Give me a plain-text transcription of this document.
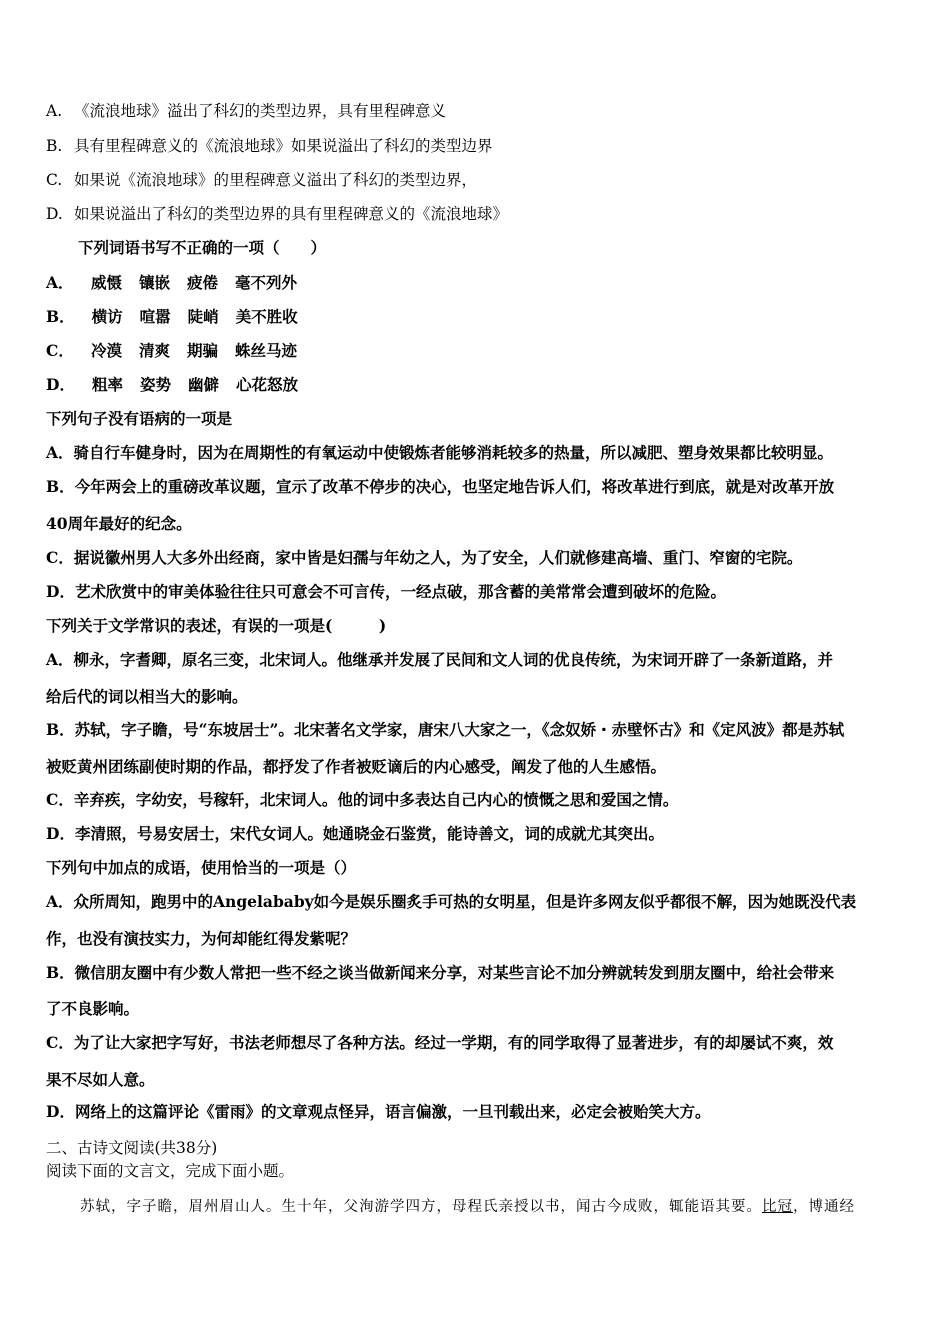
A. 《流浪地球》溢出了科幻的类型边界，具有里程碑意义
B. 具有里程碑意义的《流浪地球》如果说溢出了科幻的类型边界
C. 如果说《流浪地球》的里程碑意义溢出了科幻的类型边界，
D. 如果说溢出了科幻的类型边界的具有里程碑意义的《流浪地球》
下列词语书写不正确的一项（　　）
A． 威慑 镶嵌 疲倦 毫不列外
B． 横访 喧嚣 陡峭 美不胜收
C． 冷漠 清爽 期骗 蛛丝马迹
D． 粗率 姿势 幽僻 心花怒放
下列句子没有语病的一项是
A．骑自行车健身时，因为在周期性的有氧运动中使锻炼者能够消耗较多的热量，所以减肥、塑身效果都比较明显。
B．今年两会上的重磅改革议题，宣示了改革不停步的决心，也坚定地告诉人们，将改革进行到底，就是对改革开放
40周年最好的纪念。
C．据说徽州男人大多外出经商，家中皆是妇孺与年幼之人，为了安全，人们就修建高墙、重门、窄窗的宅院。
D．艺术欣赏中的审美体验往往只可意会不可言传，一经点破，那含蓄的美常常会遭到破坏的危险。
下列关于文学常识的表述，有误的一项是(　　　)
A．柳永，字耆卿，原名三变，北宋词人。他继承并发展了民间和文人词的优良传统，为宋词开辟了一条新道路，并
给后代的词以相当大的影响。
B．苏轼，字子瞻，号“东坡居士”。北宋著名文学家，唐宋八大家之一，《念奴娇・赤壁怀古》和《定风波》都是苏轼
被贬黄州团练副使时期的作品，都抒发了作者被贬谪后的内心感受，阐发了他的人生感悟。
C．辛弃疾，字幼安，号稼轩，北宋词人。他的词中多表达自己内心的愤慨之思和爱国之情。
D．李清照，号易安居士，宋代女词人。她通晓金石鉴赏，能诗善文，词的成就尤其突出。
下列句中加点的成语，使用恰当的一项是（）
A．众所周知，跑男中的Angelababy如今是娱乐圈炙手可热的女明星，但是许多网友似乎都很不解，因为她既没代表
作，也没有演技实力，为何却能红得发紫呢？
B．微信朋友圈中有少数人常把一些不经之谈当做新闻来分享，对某些言论不加分辨就转发到朋友圈中，给社会带来
了不良影响。
C．为了让大家把字写好，书法老师想尽了各种方法。经过一学期，有的同学取得了显著进步，有的却屡试不爽，效
果不尽如人意。
D．网络上的这篇评论《雷雨》的文章观点怪异，语言偏激，一旦刊载出来，必定会被贻笑大方。
二、古诗文阅读(共38分)
阅读下面的文言文，完成下面小题。
苏轼，字子瞻，眉州眉山人。生十年，父洵游学四方，母程氏亲授以书，闻古今成败，辄能语其要。比冠，博通经
